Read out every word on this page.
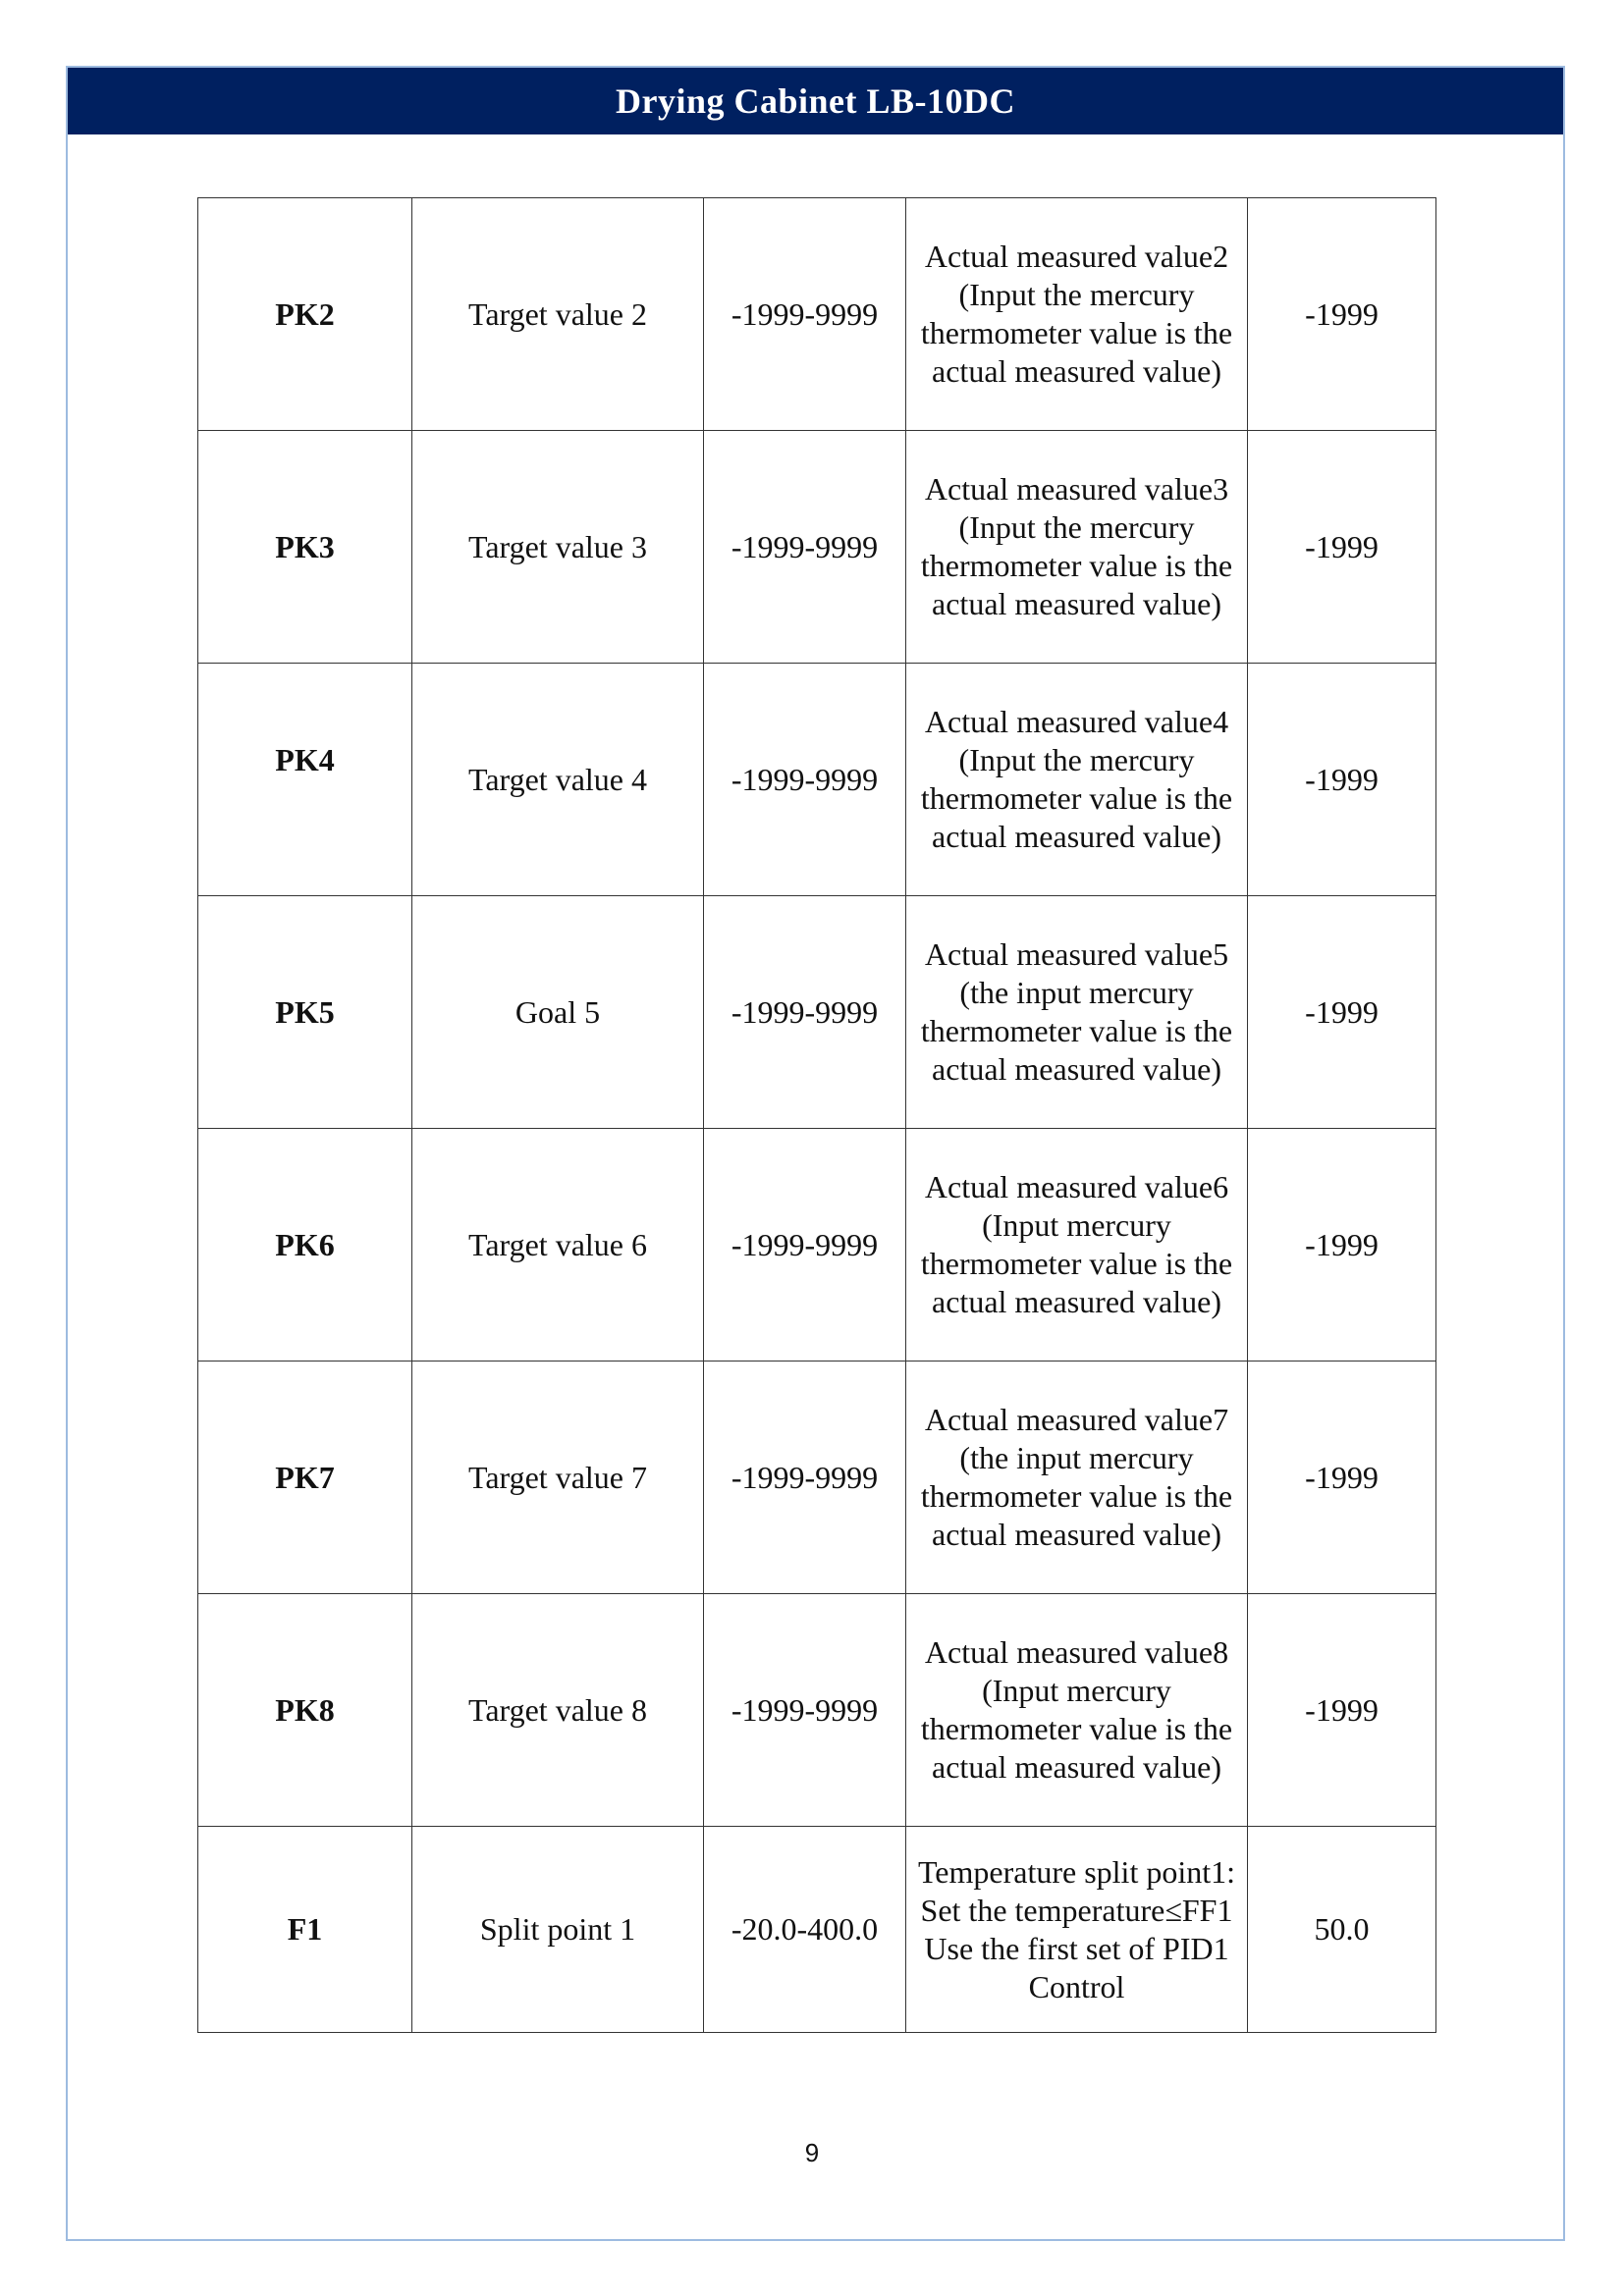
Drying Cabinet LB-10DC
PK2	Target value 2	-1999-9999	Actual measured value2 (Input the mercury thermometer value is the actual measured value)	-1999
PK3	Target value 3	-1999-9999	Actual measured value3 (Input the mercury thermometer value is the actual measured value)	-1999

PK4	Target value 4	-1999-9999	Actual measured value4 (Input the mercury thermometer value is the actual measured value)	-1999
PK5	Goal 5	-1999-9999	Actual measured value5 (the input mercury thermometer value is the actual measured value)	-1999
PK6	Target value 6	-1999-9999	Actual measured value6 (Input mercury thermometer value is the actual measured value)	-1999
PK7	Target value 7	-1999-9999	Actual measured value7 (the input mercury thermometer value is the actual measured value)	-1999
PK8	Target value 8	-1999-9999	Actual measured value8 (Input mercury thermometer value is the actual measured value)	-1999
F1	Split point 1	-20.0-400.0	Temperature split point1: Set the temperature≤FF1 Use the first set of PID1 Control	50.0
9
